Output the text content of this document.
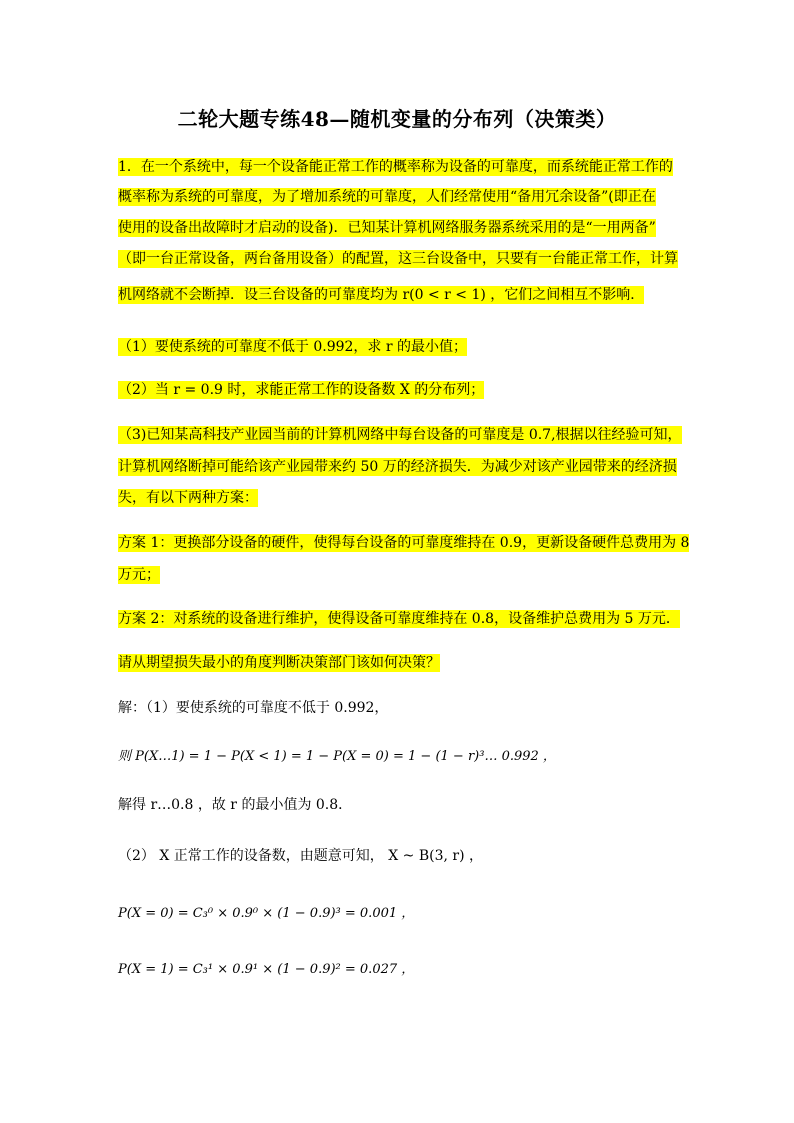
二轮大题专练48—随机变量的分布列（决策类）
1．在一个系统中，每一个设备能正常工作的概率称为设备的可靠度，而系统能正常工作的
概率称为系统的可靠度，为了增加系统的可靠度，人们经常使用“备用冗余设备”(即正在
使用的设备出故障时才启动的设备)．已知某计算机网络服务器系统采用的是“一用两备”
（即一台正常设备，两台备用设备）的配置，这三台设备中，只要有一台能正常工作，计算
机网络就不会断掉．设三台设备的可靠度均为 r(0 < r < 1) ，它们之间相互不影响．
（1）要使系统的可靠度不低于 0.992，求 r 的最小值；
（2）当 r = 0.9 时，求能正常工作的设备数 X 的分布列；
（3)已知某高科技产业园当前的计算机网络中每台设备的可靠度是 0.7,根据以往经验可知，
计算机网络断掉可能给该产业园带来约 50 万的经济损失．为减少对该产业园带来的经济损
失，有以下两种方案：
方案 1：更换部分设备的硬件，使得每台设备的可靠度维持在 0.9，更新设备硬件总费用为 8
万元；
方案 2：对系统的设备进行维护，使得设备可靠度维持在 0.8，设备维护总费用为 5 万元．
请从期望损失最小的角度判断决策部门该如何决策？
解：（1）要使系统的可靠度不低于 0.992，
则 P(X…1) = 1 − P(X < 1) = 1 − P(X = 0) = 1 − (1 − r)³… 0.992 ，
解得 r…0.8 ，故 r 的最小值为 0.8．
（2） X 正常工作的设备数，由题意可知， X ~ B(3, r) ，
P(X = 0) = C₃⁰ × 0.9⁰ × (1 − 0.9)³ = 0.001 ，
P(X = 1) = C₃¹ × 0.9¹ × (1 − 0.9)² = 0.027 ，
